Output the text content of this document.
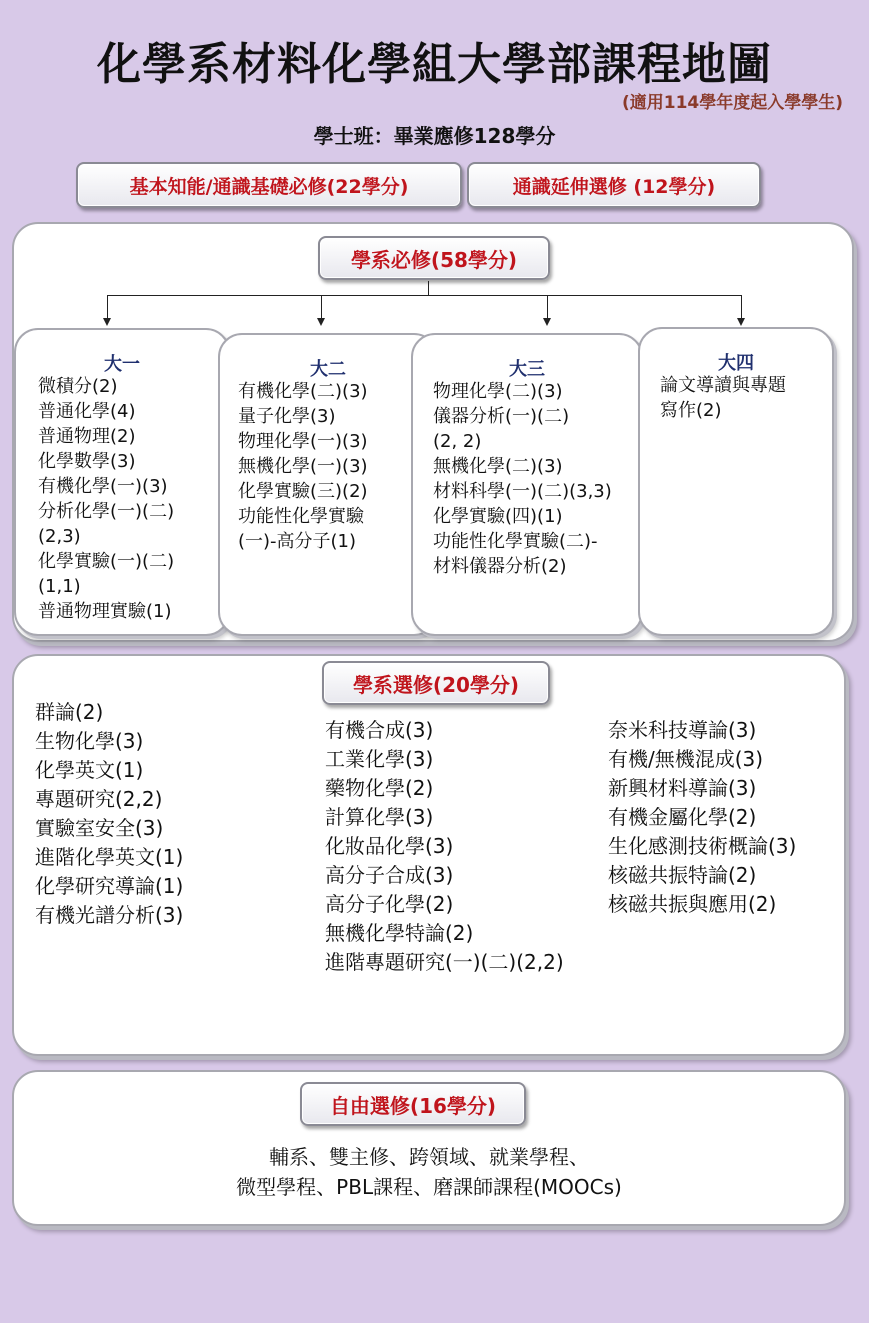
化學系材料化學組大學部課程地圖
(適用114學年度起入學學生)
學士班：畢業應修128學分
基本知能/通識基礎必修(22學分)	通識延伸選修 (12學分)
學系必修(58學分)
大一
微積分(2)
普通化學(4)
普通物理(2)
化學數學(3)
有機化學(一)(3)
分析化學(一)(二)
(2,3)
化學實驗(一)(二)
(1,1)
普通物理實驗(1)
大二
有機化學(二)(3)
量子化學(3)
物理化學(一)(3)
無機化學(一)(3)
化學實驗(三)(2)
功能性化學實驗
(一)-高分子(1)
大三
物理化學(二)(3)
儀器分析(一)(二)
(2, 2)
無機化學(二)(3)
材料科學(一)(二)(3,3)
化學實驗(四)(1)
功能性化學實驗(二)-
材料儀器分析(2)
大四
論文導讀與專題
寫作(2)
學系選修(20學分)
群論(2)
生物化學(3)
化學英文(1)
專題研究(2,2)
實驗室安全(3)
進階化學英文(1)
化學研究導論(1)
有機光譜分析(3)
有機合成(3)
工業化學(3)
藥物化學(2)
計算化學(3)
化妝品化學(3)
高分子合成(3)
高分子化學(2)
無機化學特論(2)
進階專題研究(一)(二)(2,2)
奈米科技導論(3)
有機/無機混成(3)
新興材料導論(3)
有機金屬化學(2)
生化感測技術概論(3)
核磁共振特論(2)
核磁共振與應用(2)
輔系、雙主修、跨領域、就業學程、
微型學程、PBL課程、磨課師課程(MOOCs)
自由選修(16學分)
